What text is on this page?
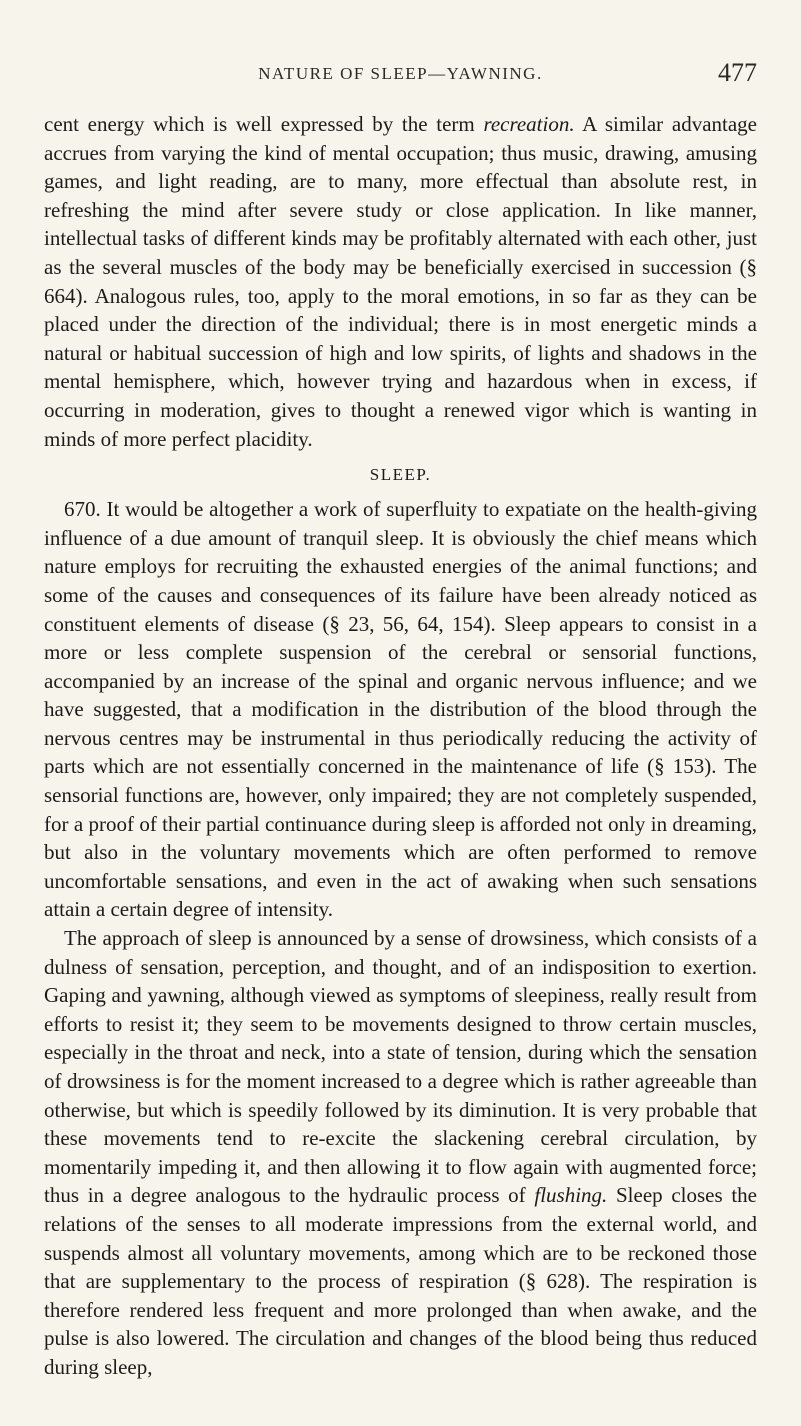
NATURE OF SLEEP—YAWNING.	477

cent energy which is well expressed by the term recreation. A similar advantage accrues from varying the kind of mental occupation; thus music, drawing, amusing games, and light reading, are to many, more effectual than absolute rest, in refreshing the mind after severe study or close application. In like manner, intellectual tasks of different kinds may be profitably alternated with each other, just as the several muscles of the body may be beneficially exercised in succession (§ 664). Analogous rules, too, apply to the moral emotions, in so far as they can be placed under the direction of the individual; there is in most energetic minds a natural or habitual succession of high and low spirits, of lights and shadows in the mental hemisphere, which, however trying and hazardous when in excess, if occurring in moderation, gives to thought a renewed vigor which is wanting in minds of more perfect placidity.

SLEEP.

670. It would be altogether a work of superfluity to expatiate on the health-giving influence of a due amount of tranquil sleep. It is obviously the chief means which nature employs for recruiting the exhausted energies of the animal functions; and some of the causes and consequences of its failure have been already noticed as constituent elements of disease (§ 23, 56, 64, 154). Sleep appears to consist in a more or less complete suspension of the cerebral or sensorial functions, accompanied by an increase of the spinal and organic nervous influence; and we have suggested, that a modification in the distribution of the blood through the nervous centres may be instrumental in thus periodically reducing the activity of parts which are not essentially concerned in the maintenance of life (§ 153). The sensorial functions are, however, only impaired; they are not completely suspended, for a proof of their partial continuance during sleep is afforded not only in dreaming, but also in the voluntary movements which are often performed to remove uncomfortable sensations, and even in the act of awaking when such sensations attain a certain degree of intensity.

The approach of sleep is announced by a sense of drowsiness, which consists of a dulness of sensation, perception, and thought, and of an indisposition to exertion. Gaping and yawning, although viewed as symptoms of sleepiness, really result from efforts to resist it; they seem to be movements designed to throw certain muscles, especially in the throat and neck, into a state of tension, during which the sensation of drowsiness is for the moment increased to a degree which is rather agreeable than otherwise, but which is speedily followed by its diminution. It is very probable that these movements tend to re-excite the slackening cerebral circulation, by momentarily impeding it, and then allowing it to flow again with augmented force; thus in a degree analogous to the hydraulic process of flushing. Sleep closes the relations of the senses to all moderate impressions from the external world, and suspends almost all voluntary movements, among which are to be reckoned those that are supplementary to the process of respiration (§ 628). The respiration is therefore rendered less frequent and more prolonged than when awake, and the pulse is also lowered. The circulation and changes of the blood being thus reduced during sleep,
